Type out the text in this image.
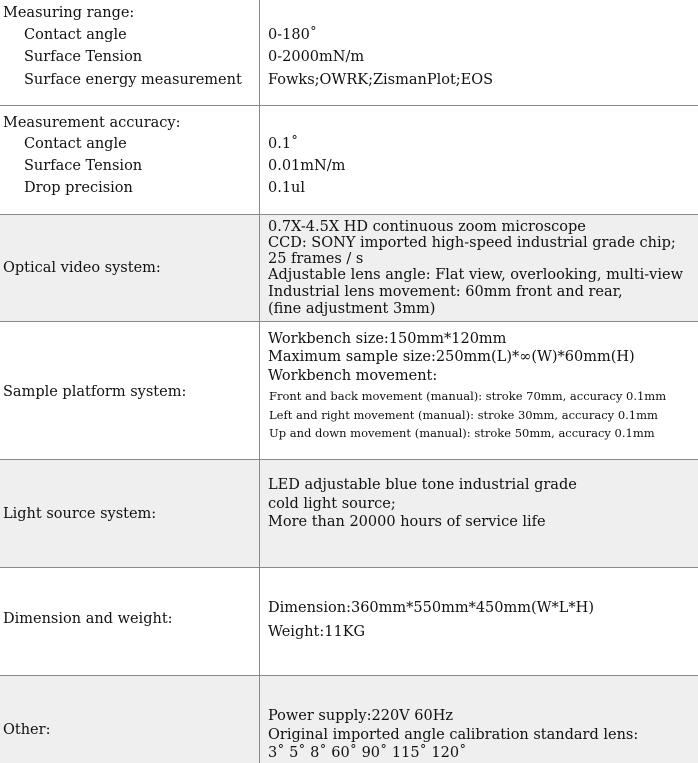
Measuring range:
Contact angle
Surface Tension
Surface energy measurement
0-180˚
0-2000mN/m
Fowks;OWRK;ZismanPlot;EOS
Measurement accuracy:
Contact angle
Surface Tension
Drop precision
0.1˚
0.01mN/m
0.1ul
Optical video system:
0.7X-4.5X HD continuous zoom microscope
CCD: SONY imported high-speed industrial grade chip;
25 frames / s
Adjustable lens angle: Flat view, overlooking, multi-view
Industrial lens movement: 60mm front and rear,
(fine adjustment 3mm)
Sample platform system:
Workbench size:150mm*120mm
Maximum sample size:250mm(L)*∞(W)*60mm(H)
Workbench movement:
Front and back movement (manual): stroke 70mm, accuracy 0.1mm
Left and right movement (manual): stroke 30mm, accuracy 0.1mm
Up and down movement (manual): stroke 50mm, accuracy 0.1mm
Light source system:
LED adjustable blue tone industrial grade
cold light source;
More than 20000 hours of service life
Dimension and weight:
Dimension:360mm*550mm*450mm(W*L*H)
Weight:11KG
Other:
Power supply:220V 60Hz
Original imported angle calibration standard lens:
3˚ 5˚ 8˚ 60˚ 90˚ 115˚ 120˚
